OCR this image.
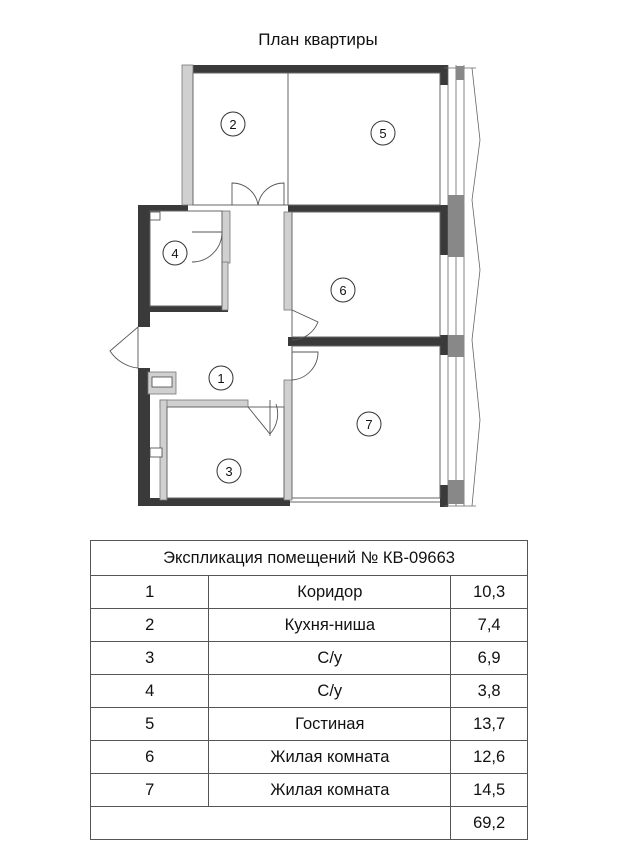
План квартиры
1
2
3
4
5
6
7
Экспликация помещений № КВ-09663		
1	Коридор	10,3
2	Кухня-ниша	7,4
3	С/у	6,9
4	С/у	3,8
5	Гостиная	13,7
6	Жилая комната	12,6
7	Жилая комната	14,5
		69,2
